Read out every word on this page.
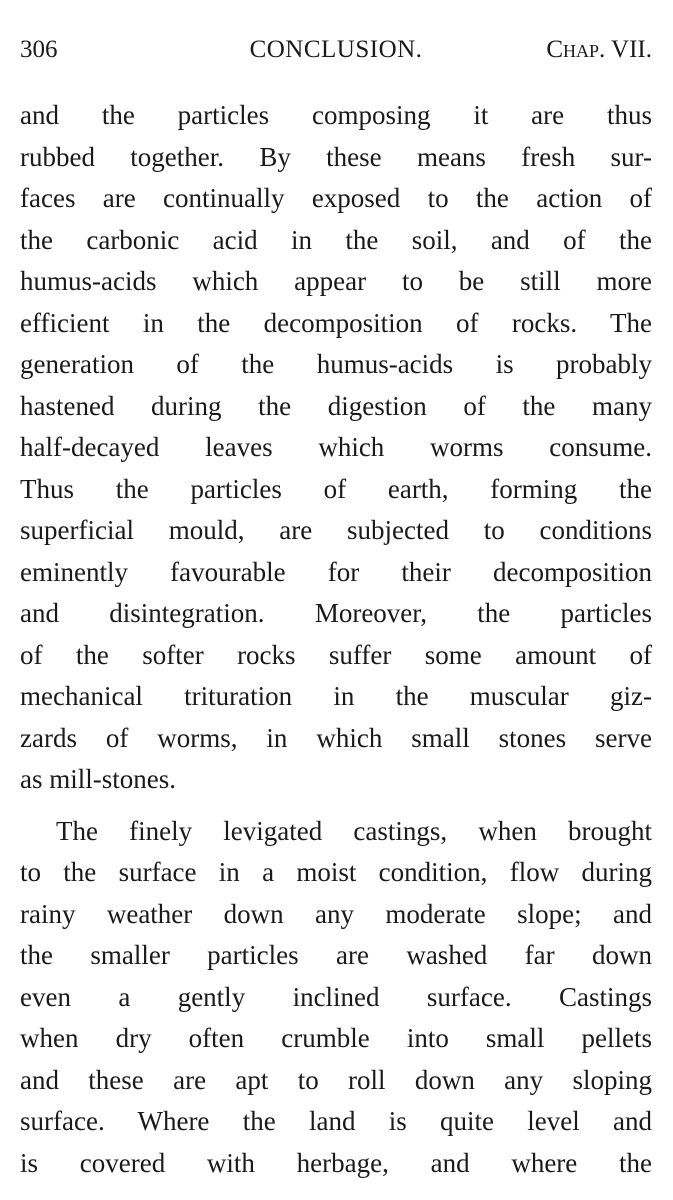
306	CONCLUSION.	Chap. VII.

and the particles composing it are thus
rubbed together. By these means fresh sur-
faces are continually exposed to the action of
the carbonic acid in the soil, and of the
humus-acids which appear to be still more
efficient in the decomposition of rocks. The
generation of the humus-acids is probably
hastened during the digestion of the many
half-decayed leaves which worms consume.
Thus the particles of earth, forming the
superficial mould, are subjected to conditions
eminently favourable for their decomposition
and disintegration. Moreover, the particles
of the softer rocks suffer some amount of
mechanical trituration in the muscular giz-
zards of worms, in which small stones serve
as mill-stones.

The finely levigated castings, when brought
to the surface in a moist condition, flow during
rainy weather down any moderate slope; and
the smaller particles are washed far down
even a gently inclined surface. Castings
when dry often crumble into small pellets
and these are apt to roll down any sloping
surface. Where the land is quite level and
is covered with herbage, and where the
